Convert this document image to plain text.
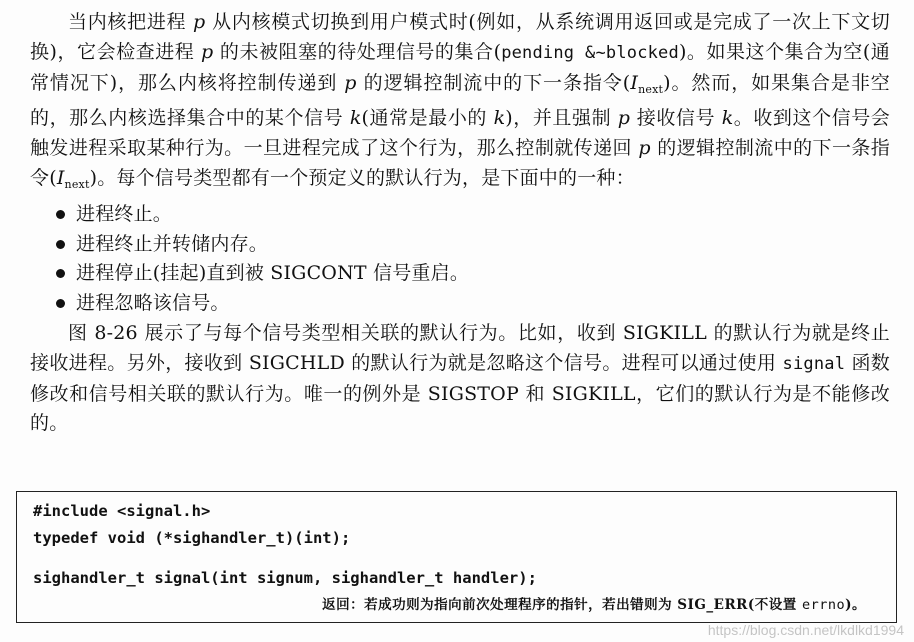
当内核把进程 p 从内核模式切换到用户模式时(例如，从系统调用返回或是完成了一次上下文切换)，它会检查进程 p 的未被阻塞的待处理信号的集合(pending &~blocked)。如果这个集合为空(通常情况下)，那么内核将控制传递到 p 的逻辑控制流中的下一条指令$(I_{next})$。然而，如果集合是非空的，那么内核选择集合中的某个信号 k(通常是最小的 k)，并且强制 p 接收信号 k。收到这个信号会触发进程采取某种行为。一旦进程完成了这个行为，那么控制就传递回 p 的逻辑控制流中的下一条指令$(I_{next})$。每个信号类型都有一个预定义的默认行为，是下面中的一种：

进程终止。
进程终止并转储内存。
进程停止(挂起)直到被 SIGCONT 信号重启。
进程忽略该信号。

图 8-26 展示了与每个信号类型相关联的默认行为。比如，收到 SIGKILL 的默认行为就是终止接收进程。另外，接收到 SIGCHLD 的默认行为就是忽略这个信号。进程可以通过使用 signal 函数修改和信号相关联的默认行为。唯一的例外是 SIGSTOP 和 SIGKILL，它们的默认行为是不能修改的。

#include <signal.h>
typedef void (*sighandler_t)(int);
sighandler_t signal(int signum, sighandler_t handler);
返回：若成功则为指向前次处理程序的指针，若出错则为 SIG_ERR(不设置 errno)。
https://blog.csdn.net/lkdlkd1994
